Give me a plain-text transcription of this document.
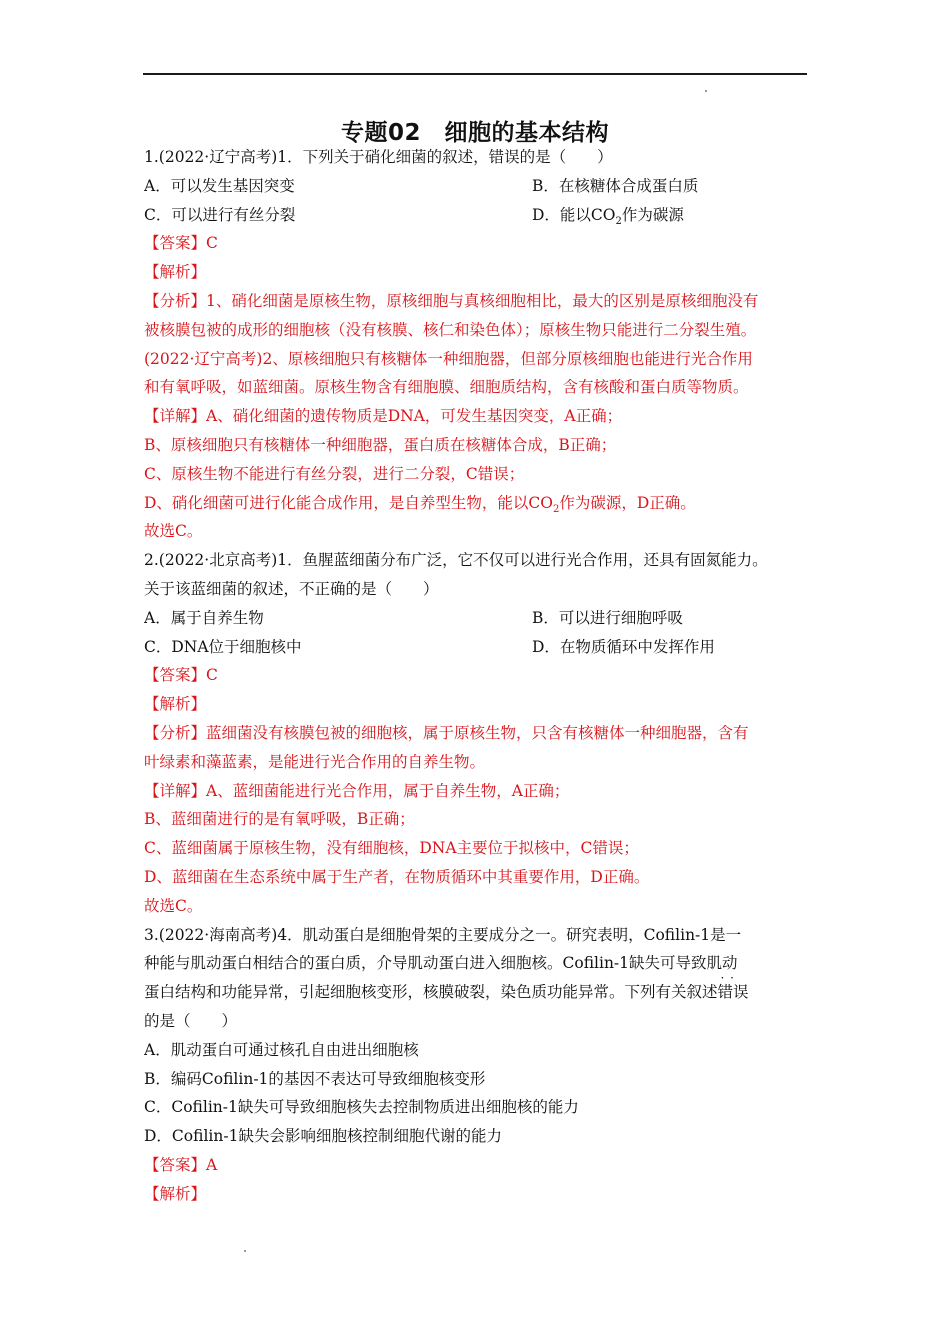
专题02　细胞的基本结构
1.(2022·辽宁高考)1．下列关于硝化细菌的叙述，错误的是（　　）
A．可以发生基因突变	B．在核糖体合成蛋白质
C．可以进行有丝分裂	D．能以$CO_2$作为碳源
【答案】C
【解析】
【分析】1、硝化细菌是原核生物，原核细胞与真核细胞相比，最大的区别是原核细胞没有
被核膜包被的成形的细胞核（没有核膜、核仁和染色体）；原核生物只能进行二分裂生殖。
(2022·辽宁高考)2、原核细胞只有核糖体一种细胞器，但部分原核细胞也能进行光合作用
和有氧呼吸，如蓝细菌。原核生物含有细胞膜、细胞质结构，含有核酸和蛋白质等物质。
【详解】A、硝化细菌的遗传物质是DNA，可发生基因突变，A正确；
B、原核细胞只有核糖体一种细胞器，蛋白质在核糖体合成，B正确；
C、原核生物不能进行有丝分裂，进行二分裂，C错误；
D、硝化细菌可进行化能合成作用，是自养型生物，能以$CO_2$作为碳源，D正确。
故选C。
2.(2022·北京高考)1．鱼腥蓝细菌分布广泛，它不仅可以进行光合作用，还具有固氮能力。
关于该蓝细菌的叙述，不正确的是（　　）
A．属于自养生物	B．可以进行细胞呼吸
C．DNA位于细胞核中	D．在物质循环中发挥作用
【答案】C
【解析】
【分析】蓝细菌没有核膜包被的细胞核，属于原核生物，只含有核糖体一种细胞器，含有
叶绿素和藻蓝素，是能进行光合作用的自养生物。
【详解】A、蓝细菌能进行光合作用，属于自养生物，A正确；
B、蓝细菌进行的是有氧呼吸，B正确；
C、蓝细菌属于原核生物，没有细胞核，DNA主要位于拟核中，C错误；
D、蓝细菌在生态系统中属于生产者，在物质循环中其重要作用，D正确。
故选C。
3.(2022·海南高考)4．肌动蛋白是细胞骨架的主要成分之一。研究表明，Cofilin-1是一
种能与肌动蛋白相结合的蛋白质，介导肌动蛋白进入细胞核。Cofilin-1缺失可导致肌动
蛋白结构和功能异常，引起细胞核变形，核膜破裂，染色质功能异常。下列有关叙述· · 错误
的是（　　）
A．肌动蛋白可通过核孔自由进出细胞核
B．编码Cofilin-1的基因不表达可导致细胞核变形
C．Cofilin-1缺失可导致细胞核失去控制物质进出细胞核的能力
D．Cofilin-1缺失会影响细胞核控制细胞代谢的能力
【答案】A
【解析】
